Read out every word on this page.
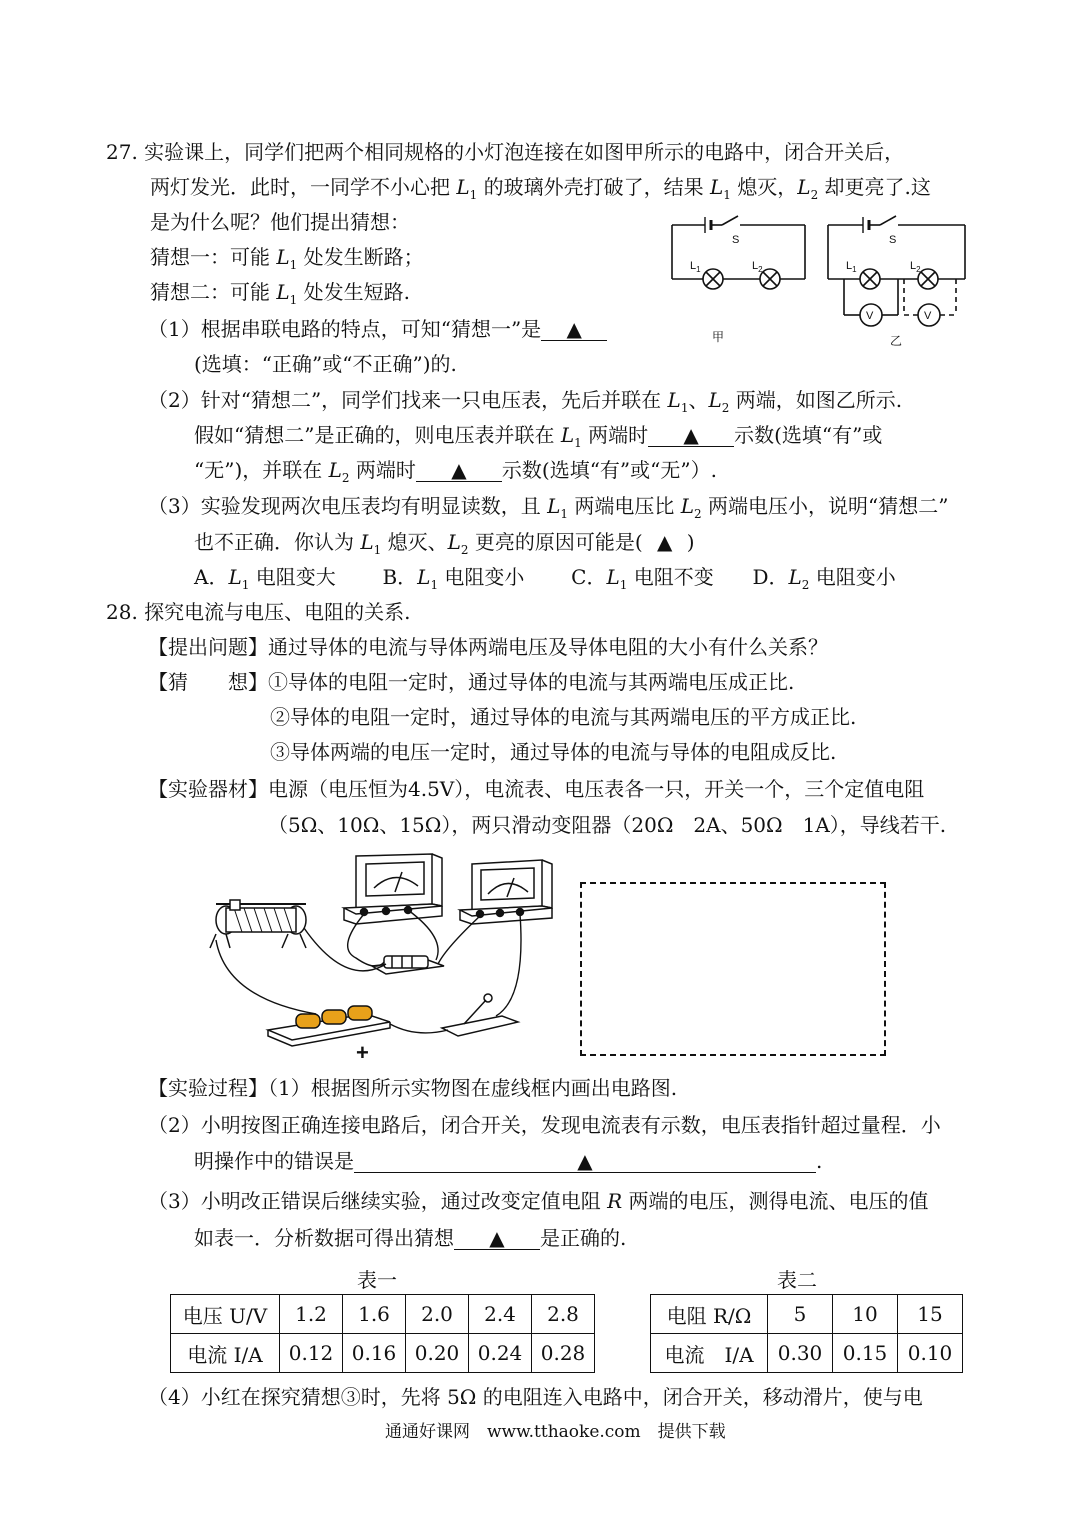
27. 实验课上，同学们把两个相同规格的小灯泡连接在如图甲所示的电路中，闭合开关后，
两灯发光．此时，一同学不小心把 $L_1$ 的玻璃外壳打破了，结果 $L_1$ 熄灭，$L_2$ 却更亮了.这
是为什么呢？他们提出猜想：
猜想一：可能 $L_1$ 处发生断路；
猜想二：可能 $L_1$ 处发生短路.
（1）根据串联电路的特点，可知“猜想一”是 ▲
(选填：“正确”或“不正确”)的.
（2）针对“猜想二”，同学们找来一只电压表，先后并联在 $L_1$、$L_2$ 两端，如图乙所示.
假如“猜想二”是正确的，则电压表并联在 $L_1$ 两端时 ▲ 示数(选填“有”或
“无”)，并联在 $L_2$ 两端时 ▲ 示数(选填“有”或“无”）.
（3）实验发现两次电压表均有明显读数，且 $L_1$ 两端电压比 $L_2$ 两端电压小，说明“猜想二”
也不正确．你认为 $L_1$ 熄灭、$L_2$ 更亮的原因可能是( ▲ )
A．$L_1$ 电阻变大 B．$L_1$ 电阻变小 C．$L_1$ 电阻不变 D．$L_2$ 电阻变小
S	S
$L_1$	$L_2$	$L_1$	$L_2$
V	V
甲	乙
28. 探究电流与电压、电阻的关系.
【提出问题】通过导体的电流与导体两端电压及导体电阻的大小有什么关系？
【猜　　想】①导体的电阻一定时，通过导体的电流与其两端电压成正比.
②导体的电阻一定时，通过导体的电流与其两端电压的平方成正比.
③导体两端的电压一定时，通过导体的电流与导体的电阻成反比.
【实验器材】电源（电压恒为4.5V），电流表、电压表各一只，开关一个，三个定值电阻
（5Ω、10Ω、15Ω），两只滑动变阻器（20Ω　2A、50Ω　1A），导线若干.
+
【实验过程】（1）根据图所示实物图在虚线框内画出电路图.
（2）小明按图正确连接电路后，闭合开关，发现电流表有示数，电压表指针超过量程．小
明操作中的错误是	▲	.
（3）小明改正错误后继续实验，通过改变定值电阻 R 两端的电压，测得电流、电压的值
如表一．分析数据可得出猜想 ▲ 是正确的.
表一
电压 U/V	1.2	1.6	2.0	2.4	2.8
电流 I/A	0.12	0.16	0.20	0.24	0.28
表二
电阻 R/Ω	5	10	15
电流　I/A	0.30	0.15	0.10
（4）小红在探究猜想③时，先将 5Ω 的电阻连入电路中，闭合开关，移动滑片，使与电
通通好课网　www.tthaoke.com　提供下载
